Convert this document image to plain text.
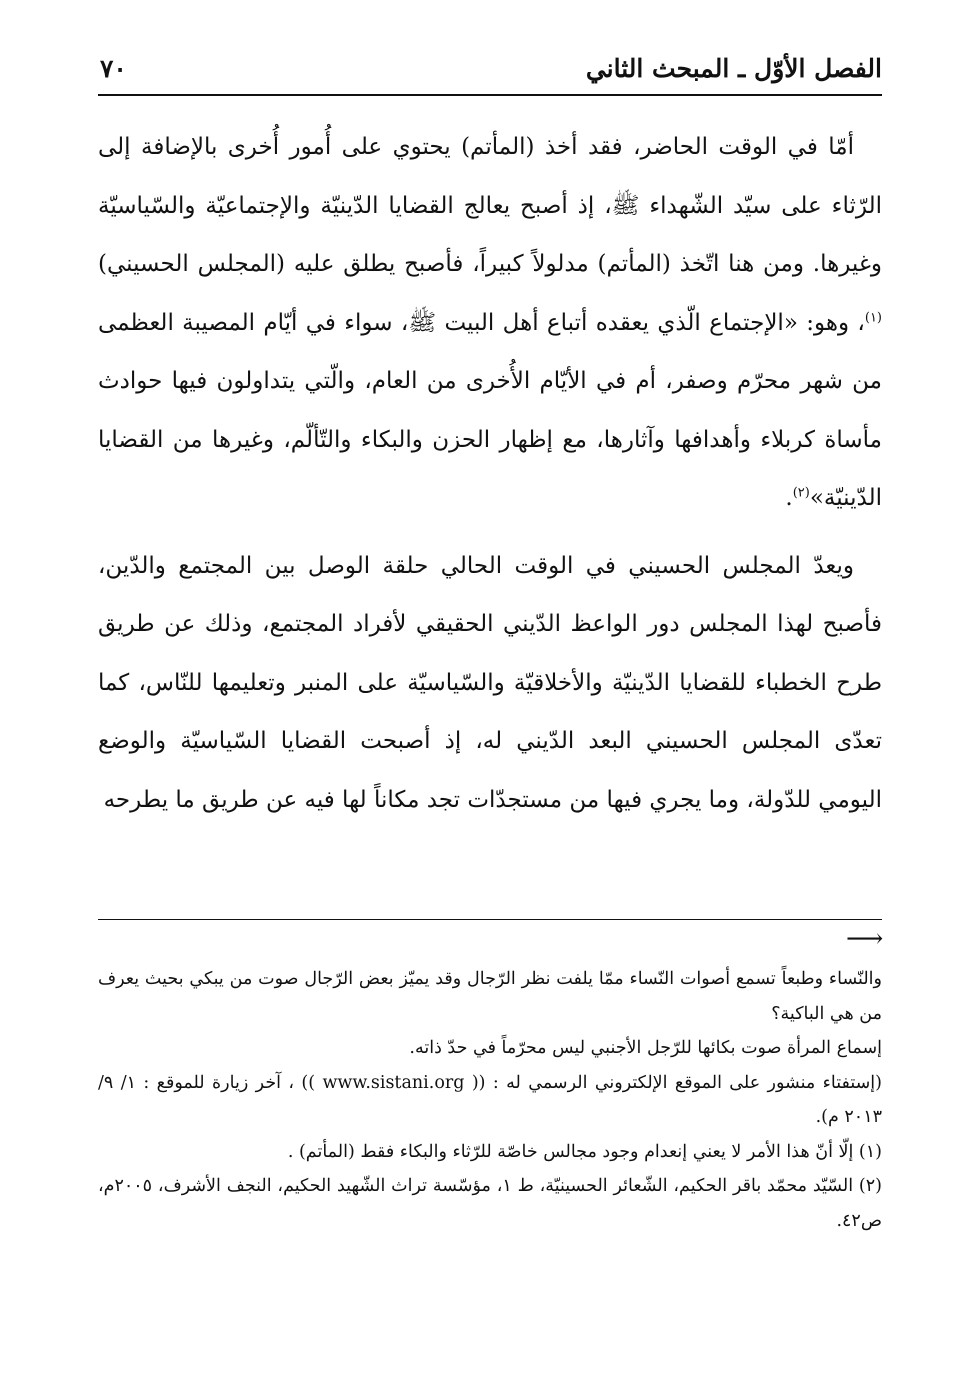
الفصل الأوّل ـ المبحث الثاني
٧٠

أمّا في الوقت الحاضر، فقد أخذ (المأتم) يحتوي على أُمور أُخرى بالإضافة إلى الرّثاء على سيّد الشّهداء ﷺ، إذ أصبح يعالج القضايا الدّينيّة والإجتماعيّة والسّياسيّة وغيرها. ومن هنا اتّخذ (المأتم) مدلولاً كبيراً، فأصبح يطلق عليه (المجلس الحسيني)$^{(١)}$، وهو: «الإجتماع الّذي يعقده أتباع أهل البيت ﷺ، سواء في أيّام المصيبة العظمى من شهر محرّم وصفر، أم في الأيّام الأُخرى من العام، والّتي يتداولون فيها حوادث مأساة كربلاء وأهدافها وآثارها، مع إظهار الحزن والبكاء والتّألّم، وغيرها من القضايا الدّينيّة»$^{(٢)}$.

ويعدّ المجلس الحسيني في الوقت الحالي حلقة الوصل بين المجتمع والدّين، فأصبح لهذا المجلس دور الواعظ الدّيني الحقيقي لأفراد المجتمع، وذلك عن طريق طرح الخطباء للقضايا الدّينيّة والأخلاقيّة والسّياسيّة على المنبر وتعليمها للنّاس، كما تعدّى المجلس الحسيني البعد الدّيني له، إذ أصبحت القضايا السّياسيّة والوضع اليومي للدّولة، وما يجري فيها من مستجدّات تجد مكاناً لها فيه عن طريق ما يطرحه

⟶

والنّساء وطبعاً تسمع أصوات النّساء ممّا يلفت نظر الرّجال وقد يميّز بعض الرّجال صوت من يبكي بحيث يعرف من هي الباكية؟

إسماع المرأة صوت بكائها للرّجل الأجنبي ليس محرّماً في حدّ ذاته.

(إستفتاء منشور على الموقع الإلكتروني الرسمي له : (( www.sistani.org )) ، آخر زيارة للموقع : ١/ ٩/ ٢٠١٣ م).

(١) إلّا أنّ هذا الأمر لا يعني إنعدام وجود مجالس خاصّة للرّثاء والبكاء فقط (المأتم) .

(٢) السّيّد محمّد باقر الحكيم، الشّعائر الحسينيّة، ط ١، مؤسّسة تراث الشّهيد الحكيم، النجف الأشرف، ٢٠٠٥م، ص٤٢.
